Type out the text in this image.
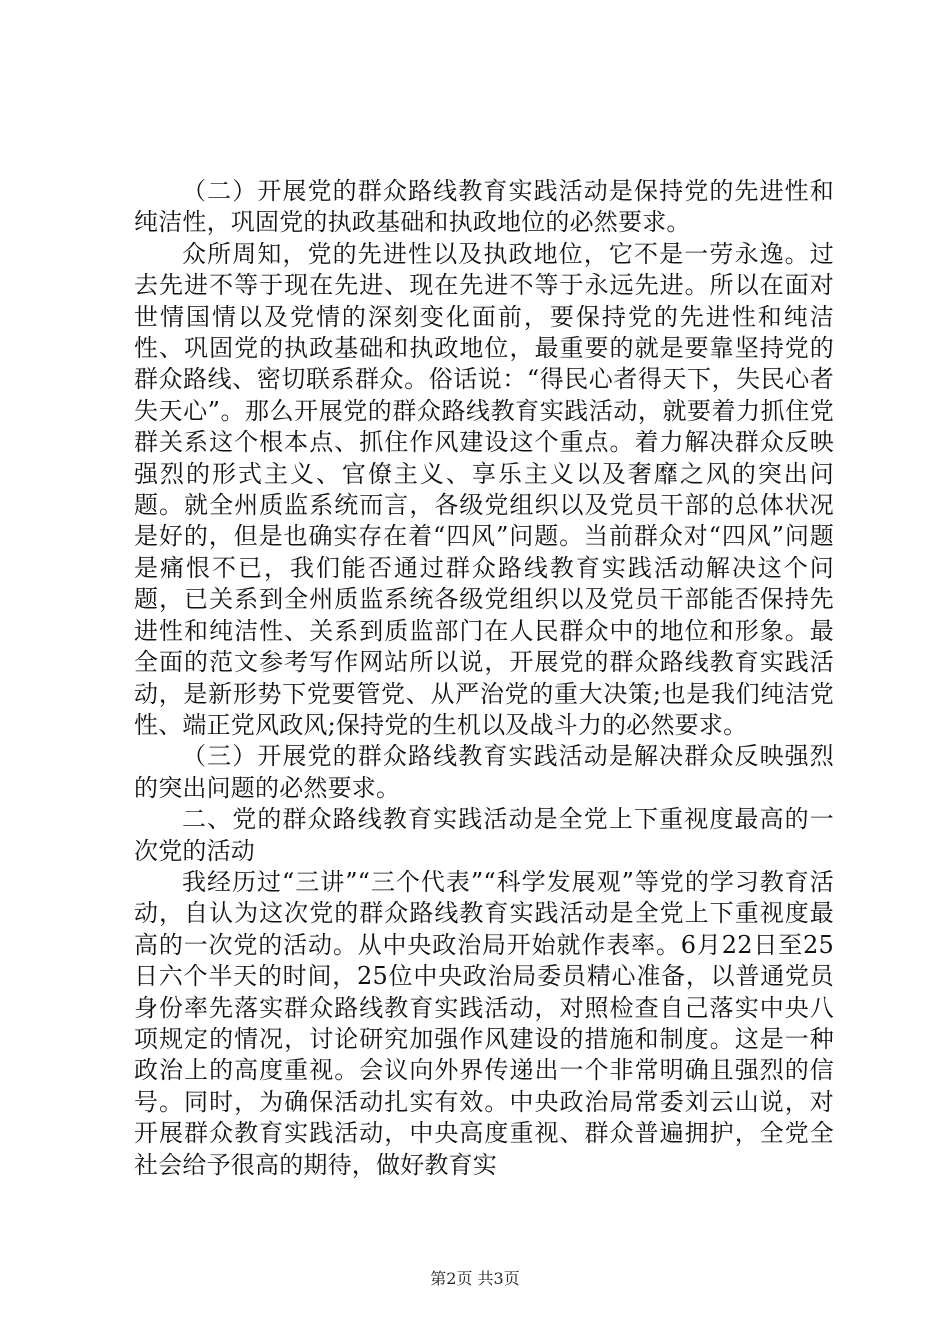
（二）开展党的群众路线教育实践活动是保持党的先进性和纯洁性，巩固党的执政基础和执政地位的必然要求。

众所周知，党的先进性以及执政地位，它不是一劳永逸。过去先进不等于现在先进、现在先进不等于永远先进。所以在面对世情国情以及党情的深刻变化面前，要保持党的先进性和纯洁性、巩固党的执政基础和执政地位，最重要的就是要靠坚持党的群众路线、密切联系群众。俗话说：“得民心者得天下，失民心者失天心”。那么开展党的群众路线教育实践活动，就要着力抓住党群关系这个根本点、抓住作风建设这个重点。着力解决群众反映强烈的形式主义、官僚主义、享乐主义以及奢靡之风的突出问题。就全州质监系统而言，各级党组织以及党员干部的总体状况是好的，但是也确实存在着“四风”问题。当前群众对“四风”问题是痛恨不已，我们能否通过群众路线教育实践活动解决这个问题，已关系到全州质监系统各级党组织以及党员干部能否保持先进性和纯洁性、关系到质监部门在人民群众中的地位和形象。最全面的范文参考写作网站所以说，开展党的群众路线教育实践活动，是新形势下党要管党、从严治党的重大决策;也是我们纯洁党性、端正党风政风;保持党的生机以及战斗力的必然要求。

（三）开展党的群众路线教育实践活动是解决群众反映强烈的突出问题的必然要求。

二、党的群众路线教育实践活动是全党上下重视度最高的一次党的活动

我经历过“三讲”“三个代表”“科学发展观”等党的学习教育活动，自认为这次党的群众路线教育实践活动是全党上下重视度最高的一次党的活动。从中央政治局开始就作表率。6月22日至25日六个半天的时间，25位中央政治局委员精心准备，以普通党员身份率先落实群众路线教育实践活动，对照检查自己落实中央八项规定的情况，讨论研究加强作风建设的措施和制度。这是一种政治上的高度重视。会议向外界传递出一个非常明确且强烈的信号。同时，为确保活动扎实有效。中央政治局常委刘云山说，对开展群众教育实践活动，中央高度重视、群众普遍拥护，全党全社会给予很高的期待，做好教育实

第2页 共3页
